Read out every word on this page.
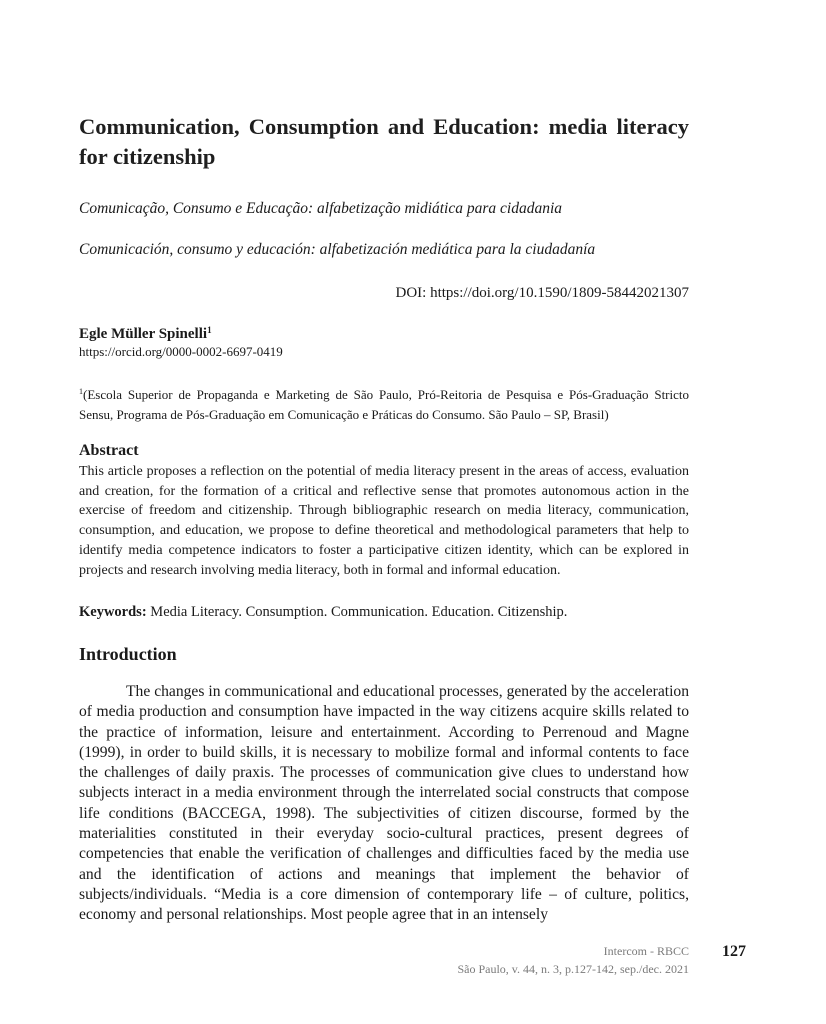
Communication, Consumption and Education: media literacy for citizenship

Comunicação, Consumo e Educação: alfabetização midiática para cidadania

Comunicación, consumo y educación: alfabetización mediática para la ciudadanía

DOI: https://doi.org/10.1590/1809-58442021307
Egle Müller Spinelli$^1$
https://orcid.org/0000-0002-6697-0419

$^1$(Escola Superior de Propaganda e Marketing de São Paulo, Pró-Reitoria de Pesquisa e Pós-Graduação Stricto Sensu, Programa de Pós-Graduação em Comunicação e Práticas do Consumo. São Paulo – SP, Brasil)

Abstract

This article proposes a reflection on the potential of media literacy present in the areas of access, evaluation and creation, for the formation of a critical and reflective sense that promotes autonomous action in the exercise of freedom and citizenship. Through bibliographic research on media literacy, communication, consumption, and education, we propose to define theoretical and methodological parameters that help to identify media competence indicators to foster a participative citizen identity, which can be explored in projects and research involving media literacy, both in formal and informal education.

Keywords: Media Literacy. Consumption. Communication. Education. Citizenship.

Introduction

The changes in communicational and educational processes, generated by the acceleration of media production and consumption have impacted in the way citizens acquire skills related to the practice of information, leisure and entertainment. According to Perrenoud and Magne (1999), in order to build skills, it is necessary to mobilize formal and informal contents to face the challenges of daily praxis. The processes of communication give clues to understand how subjects interact in a media environment through the interrelated social constructs that compose life conditions (BACCEGA, 1998). The subjectivities of citizen discourse, formed by the materialities constituted in their everyday socio-cultural practices, present degrees of competencies that enable the verification of challenges and difficulties faced by the media use and the identification of actions and meanings that implement the behavior of subjects/individuals. “Media is a core dimension of contemporary life – of culture, politics, economy and personal relationships. Most people agree that in an intensely

Intercom - RBCC
São Paulo, v. 44, n. 3, p.127-142, sep./dec. 2021
127
